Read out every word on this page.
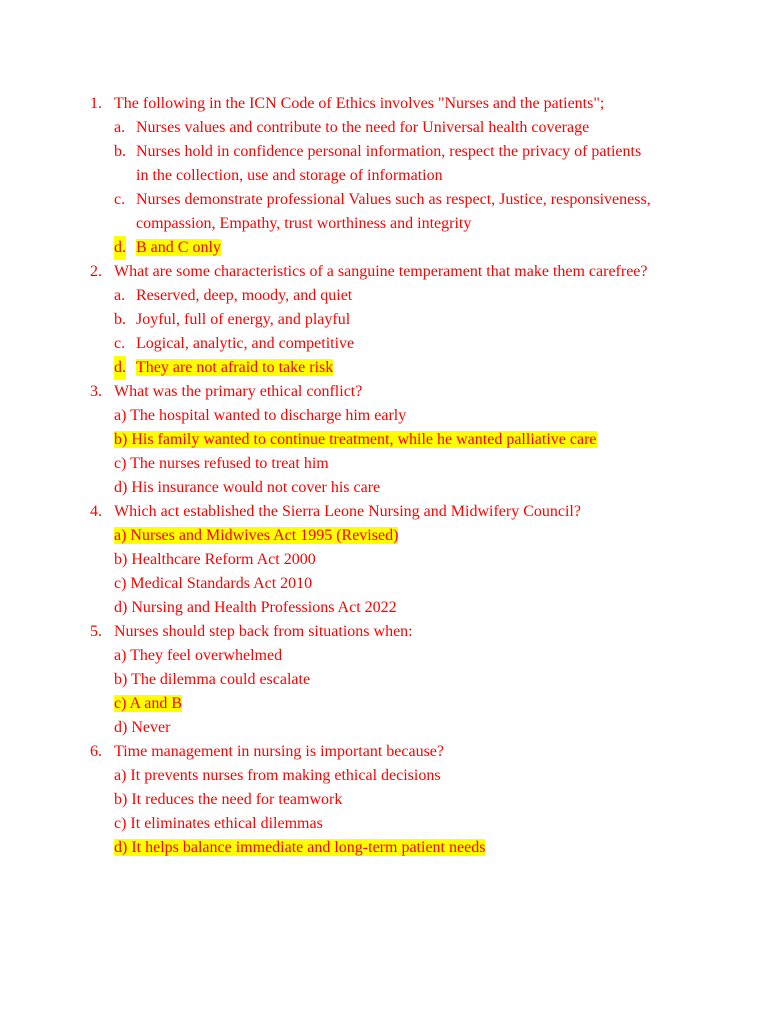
1. The following in the ICN Code of Ethics involves "Nurses and the patients";
a. Nurses values and contribute to the need for Universal health coverage
b. Nurses hold in confidence personal information, respect the privacy of patients in the collection, use and storage of information
c. Nurses demonstrate professional Values such as respect, Justice, responsiveness, compassion, Empathy, trust worthiness and integrity
d. B and C only
2. What are some characteristics of a sanguine temperament that make them carefree?
a. Reserved, deep, moody, and quiet
b. Joyful, full of energy, and playful
c. Logical, analytic, and competitive
d. They are not afraid to take risk
3. What was the primary ethical conflict?
a) The hospital wanted to discharge him early
b) His family wanted to continue treatment, while he wanted palliative care
c) The nurses refused to treat him
d) His insurance would not cover his care
4. Which act established the Sierra Leone Nursing and Midwifery Council?
a) Nurses and Midwives Act 1995 (Revised)
b) Healthcare Reform Act 2000
c) Medical Standards Act 2010
d) Nursing and Health Professions Act 2022
5. Nurses should step back from situations when:
a) They feel overwhelmed
b) The dilemma could escalate
c) A and B
d) Never
6. Time management in nursing is important because?
a) It prevents nurses from making ethical decisions
b) It reduces the need for teamwork
c) It eliminates ethical dilemmas
d) It helps balance immediate and long-term patient needs
